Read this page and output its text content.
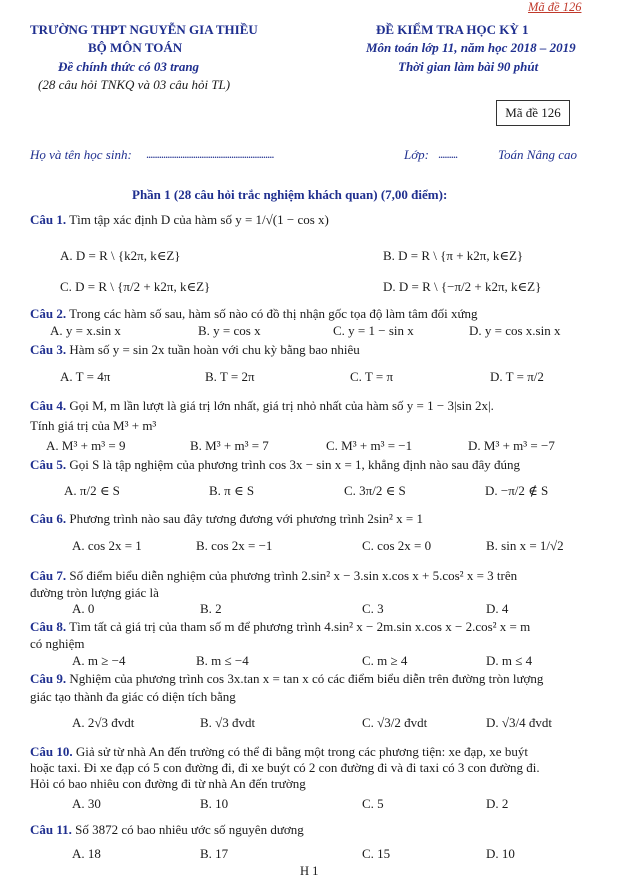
Mã đề 126
TRƯỜNG THPT NGUYỄN GIA THIỀU
BỘ MÔN TOÁN
Đề chính thức có 03 trang
(28 câu hỏi TNKQ và 03 câu hỏi TL)
ĐỀ KIỂM TRA HỌC KỲ 1
Môn toán lớp 11, năm học 2018 – 2019
Thời gian làm bài 90 phút
Mã đề 126
Họ và tên học sinh: ............................................................	Lớp: .........	Toán Nâng cao
Phần 1 (28 câu hỏi trắc nghiệm khách quan) (7,00 điểm):
Câu 1. Tìm tập xác định D của hàm số y = 1/√(1 − cos x)
A. D = R \ {k2π, k∈Z}	B. D = R \ {π + k2π, k∈Z}
C. D = R \ {π/2 + k2π, k∈Z}	D. D = R \ {−π/2 + k2π, k∈Z}
Câu 2. Trong các hàm số sau, hàm số nào có đồ thị nhận gốc tọa độ làm tâm đối xứng
A. y = x.sin x	B. y = cos x	C. y = 1 − sin x	D. y = cos x.sin x
Câu 3. Hàm số y = sin 2x tuần hoàn với chu kỳ bằng bao nhiêu
A. T = 4π	B. T = 2π	C. T = π	D. T = π/2
Câu 4. Gọi M, m lần lượt là giá trị lớn nhất, giá trị nhỏ nhất của hàm số y = 1 − 3|sin 2x|.
Tính giá trị của M³ + m³
A. M³ + m³ = 9	B. M³ + m³ = 7	C. M³ + m³ = −1	D. M³ + m³ = −7
Câu 5. Gọi S là tập nghiệm của phương trình cos 3x − sin x = 1, khẳng định nào sau đây đúng
A. π/2 ∈ S	B. π ∈ S	C. 3π/2 ∈ S	D. −π/2 ∉ S
Câu 6. Phương trình nào sau đây tương đương với phương trình 2sin² x = 1
A. cos 2x = 1	B. cos 2x = −1	C. cos 2x = 0	B. sin x = 1/√2
Câu 7. Số điểm biểu diễn nghiệm của phương trình 2.sin² x − 3.sin x.cos x + 5.cos² x = 3 trên
đường tròn lượng giác là
A. 0	B. 2	C. 3	D. 4
Câu 8. Tìm tất cả giá trị của tham số m để phương trình 4.sin² x − 2m.sin x.cos x − 2.cos² x = m
có nghiệm
A. m ≥ −4	B. m ≤ −4	C. m ≥ 4	D. m ≤ 4
Câu 9. Nghiệm của phương trình cos 3x.tan x = tan x có các điểm biểu diễn trên đường tròn lượng
giác tạo thành đa giác có diện tích bằng
A. 2√3 đvdt	B. √3 đvdt	C. √3/2 đvdt	D. √3/4 đvdt
Câu 10. Giả sử từ nhà An đến trường có thể đi bằng một trong các phương tiện: xe đạp, xe buýt
hoặc taxi. Đi xe đạp có 5 con đường đi, đi xe buýt có 2 con đường đi và đi taxi có 3 con đường đi.
Hỏi có bao nhiêu con đường đi từ nhà An đến trường
A. 30	B. 10	C. 5	D. 2
Câu 11. Số 3872 có bao nhiêu ước số nguyên dương
A. 18	B. 17	C. 15	D. 10
H 1
